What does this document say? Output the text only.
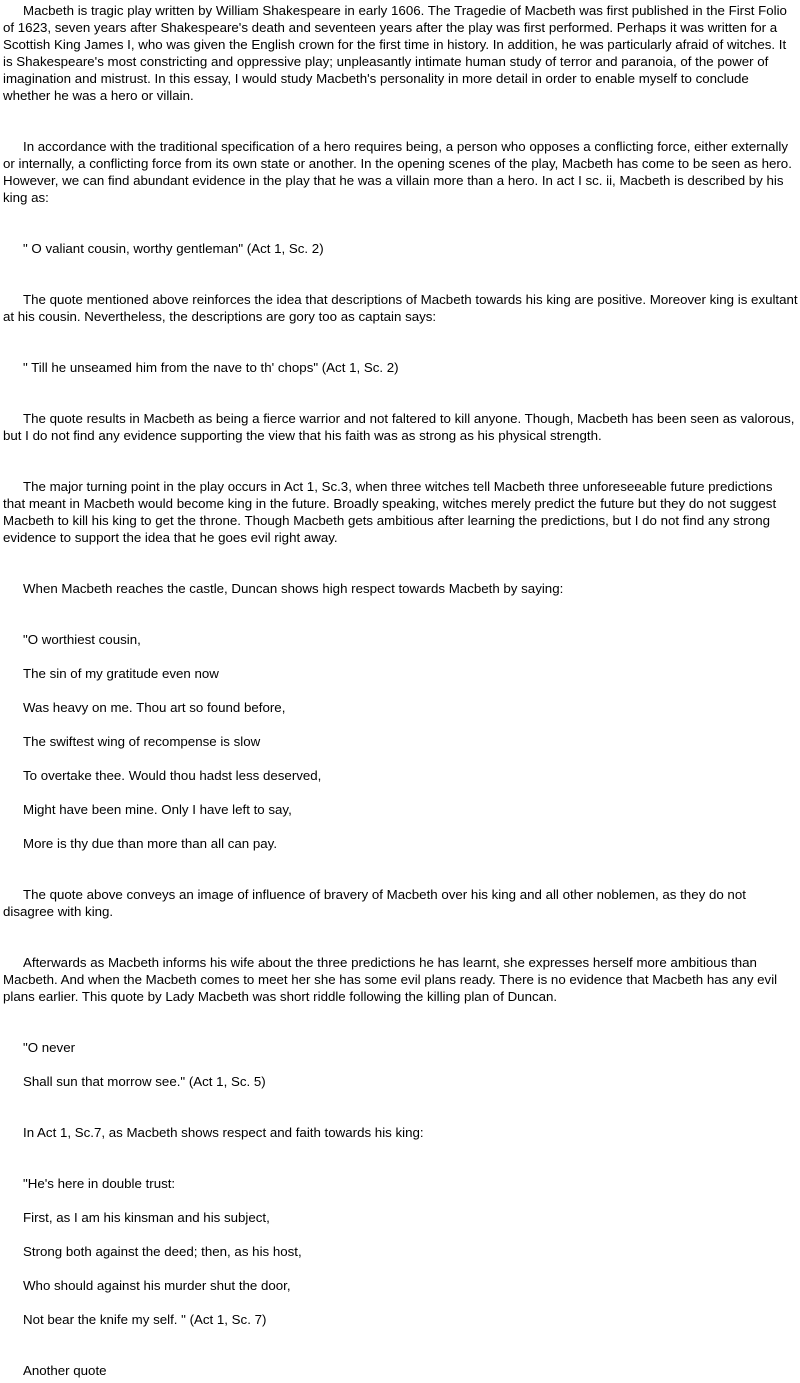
Macbeth is tragic play written by William Shakespeare in early 1606. The Tragedie of Macbeth was first published in the First Folio of 1623, seven years after Shakespeare's death and seventeen years after the play was first performed. Perhaps it was written for a Scottish King James I, who was given the English crown for the first time in history. In addition, he was particularly afraid of witches. It is Shakespeare's most constricting and oppressive play; unpleasantly intimate human study of terror and paranoia, of the power of imagination and mistrust. In this essay, I would study Macbeth's personality in more detail in order to enable myself to conclude whether he was a hero or villain.

In accordance with the traditional specification of a hero requires being, a person who opposes a conflicting force, either externally or internally, a conflicting force from its own state or another. In the opening scenes of the play, Macbeth has come to be seen as hero. However, we can find abundant evidence in the play that he was a villain more than a hero. In act I sc. ii, Macbeth is described by his king as:

" O valiant cousin, worthy gentleman" (Act 1, Sc. 2)

The quote mentioned above reinforces the idea that descriptions of Macbeth towards his king are positive. Moreover king is exultant at his cousin. Nevertheless, the descriptions are gory too as captain says:

" Till he unseamed him from the nave to th' chops" (Act 1, Sc. 2)

The quote results in Macbeth as being a fierce warrior and not faltered to kill anyone. Though, Macbeth has been seen as valorous, but I do not find any evidence supporting the view that his faith was as strong as his physical strength.

The major turning point in the play occurs in Act 1, Sc.3, when three witches tell Macbeth three unforeseeable future predictions that meant in Macbeth would become king in the future. Broadly speaking, witches merely predict the future but they do not suggest Macbeth to kill his king to get the throne. Though Macbeth gets ambitious after learning the predictions, but I do not find any strong evidence to support the idea that he goes evil right away.

When Macbeth reaches the castle, Duncan shows high respect towards Macbeth by saying:

"O worthiest cousin,

The sin of my gratitude even now

Was heavy on me. Thou art so found before,

The swiftest wing of recompense is slow

To overtake thee. Would thou hadst less deserved,

Might have been mine. Only I have left to say,

More is thy due than more than all can pay.

The quote above conveys an image of influence of bravery of Macbeth over his king and all other noblemen, as they do not disagree with king.

Afterwards as Macbeth informs his wife about the three predictions he has learnt, she expresses herself more ambitious than Macbeth. And when the Macbeth comes to meet her she has some evil plans ready. There is no evidence that Macbeth has any evil plans earlier. This quote by Lady Macbeth was short riddle following the killing plan of Duncan.

"O never

Shall sun that morrow see." (Act 1, Sc. 5)

In Act 1, Sc.7, as Macbeth shows respect and faith towards his king:

"He's here in double trust:

First, as I am his kinsman and his subject,

Strong both against the deed; then, as his host,

Who should against his murder shut the door,

Not bear the knife my self. " (Act 1, Sc. 7)

Another quote
